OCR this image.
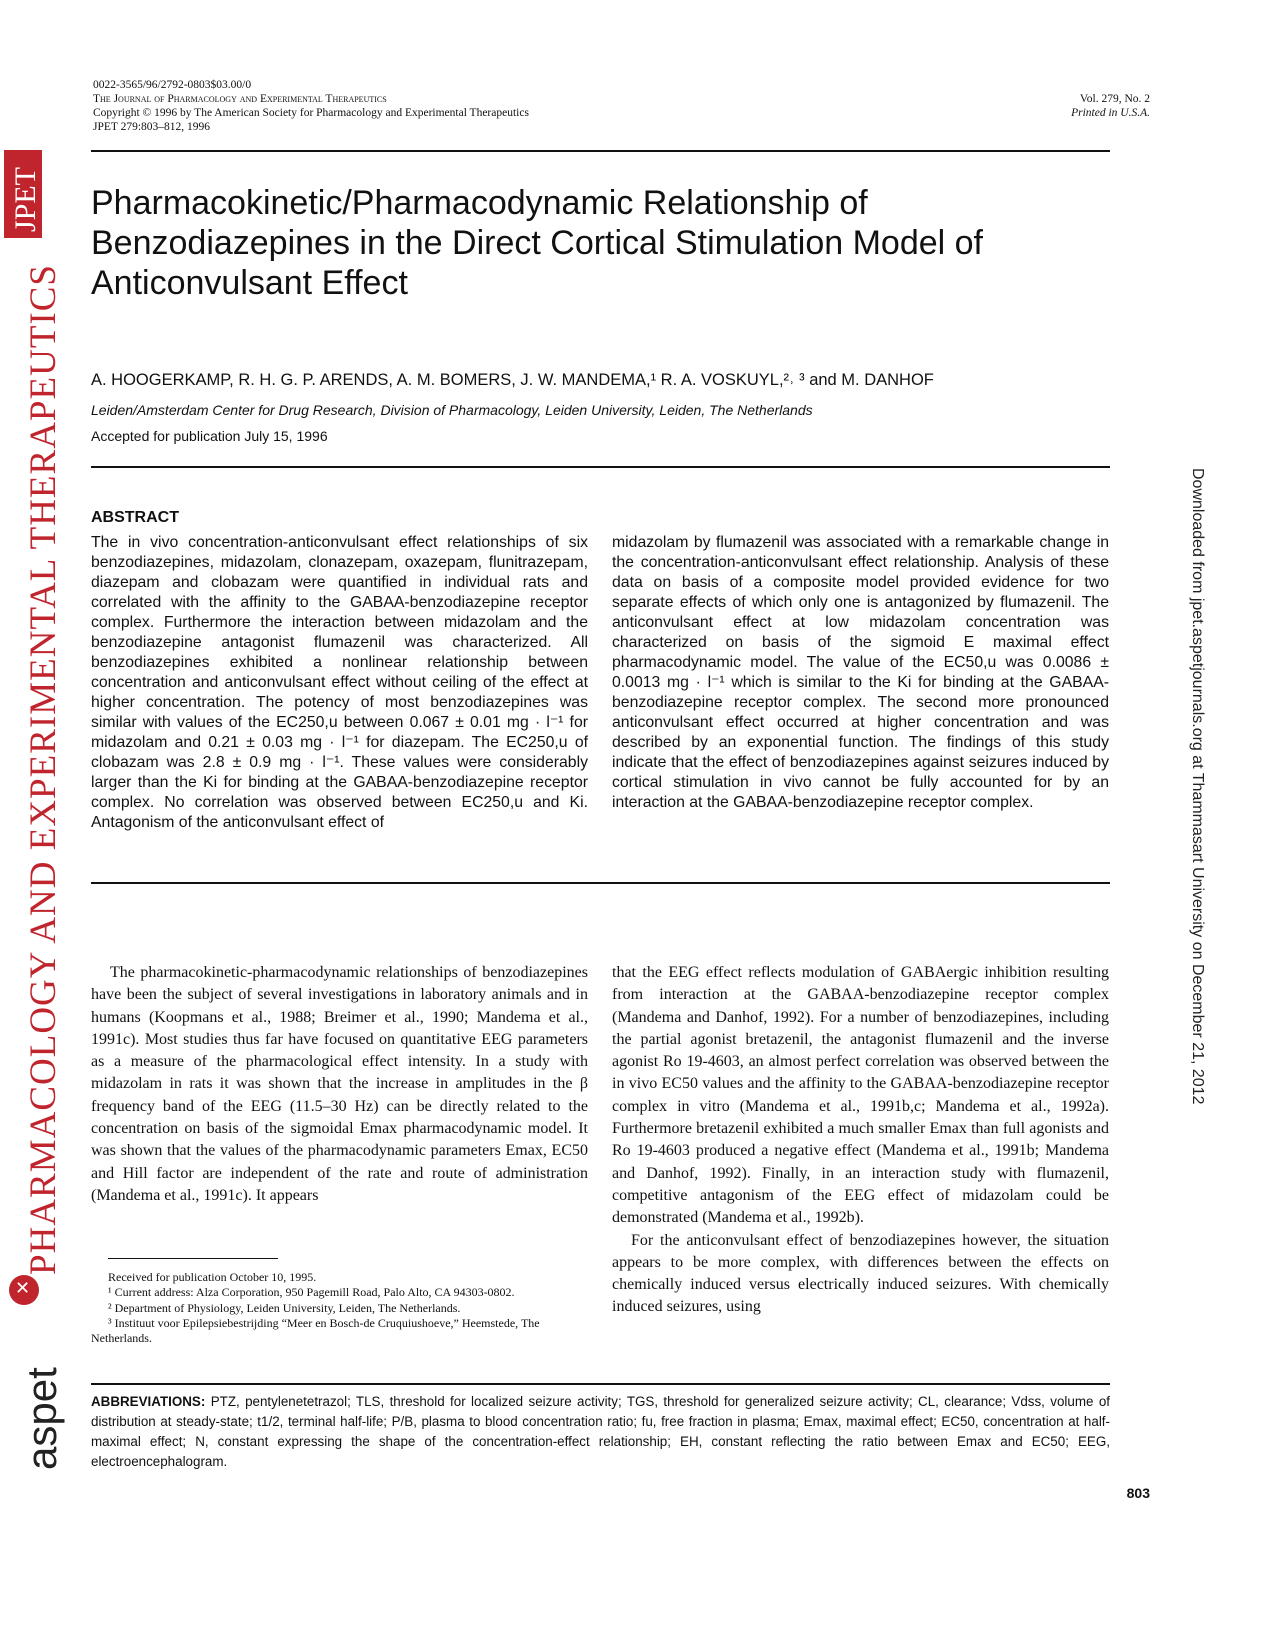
JPET
PHARMACOLOGY AND EXPERIMENTAL THERAPEUTICS
✕
aspet
Downloaded from jpet.aspetjournals.org at Thammasart University on December 21, 2012
0022-3565/96/2792-0803$03.00/0
The Journal of Pharmacology and Experimental Therapeutics
Copyright © 1996 by The American Society for Pharmacology and Experimental Therapeutics
JPET 279:803–812, 1996
Vol. 279, No. 2
Printed in U.S.A.
Pharmacokinetic/Pharmacodynamic Relationship of
Benzodiazepines in the Direct Cortical Stimulation Model of
Anticonvulsant Effect
A. HOOGERKAMP, R. H. G. P. ARENDS, A. M. BOMERS, J. W. MANDEMA,¹ R. A. VOSKUYL,²˒ ³ and M. DANHOF
Leiden/Amsterdam Center for Drug Research, Division of Pharmacology, Leiden University, Leiden, The Netherlands
Accepted for publication July 15, 1996
ABSTRACT
The in vivo concentration-anticonvulsant effect relationships of six benzodiazepines, midazolam, clonazepam, oxazepam, flunitrazepam, diazepam and clobazam were quantified in individual rats and correlated with the affinity to the GABAA-benzodiazepine receptor complex. Furthermore the interaction between midazolam and the benzodiazepine antagonist flumazenil was characterized. All benzodiazepines exhibited a nonlinear relationship between concentration and anticonvulsant effect without ceiling of the effect at higher concentration. The potency of most benzodiazepines was similar with values of the EC250,u between 0.067 ± 0.01 mg · l⁻¹ for midazolam and 0.21 ± 0.03 mg · l⁻¹ for diazepam. The EC250,u of clobazam was 2.8 ± 0.9 mg · l⁻¹. These values were considerably larger than the Ki for binding at the GABAA-benzodiazepine receptor complex. No correlation was observed between EC250,u and Ki. Antagonism of the anticonvulsant effect of
midazolam by flumazenil was associated with a remarkable change in the concentration-anticonvulsant effect relationship. Analysis of these data on basis of a composite model provided evidence for two separate effects of which only one is antagonized by flumazenil. The anticonvulsant effect at low midazolam concentration was characterized on basis of the sigmoid E maximal effect pharmacodynamic model. The value of the EC50,u was 0.0086 ± 0.0013 mg · l⁻¹ which is similar to the Ki for binding at the GABAA-benzodiazepine receptor complex. The second more pronounced anticonvulsant effect occurred at higher concentration and was described by an exponential function. The findings of this study indicate that the effect of benzodiazepines against seizures induced by cortical stimulation in vivo cannot be fully accounted for by an interaction at the GABAA-benzodiazepine receptor complex.

The pharmacokinetic-pharmacodynamic relationships of benzodiazepines have been the subject of several investigations in laboratory animals and in humans (Koopmans et al., 1988; Breimer et al., 1990; Mandema et al., 1991c). Most studies thus far have focused on quantitative EEG parameters as a measure of the pharmacological effect intensity. In a study with midazolam in rats it was shown that the increase in amplitudes in the β frequency band of the EEG (11.5–30 Hz) can be directly related to the concentration on basis of the sigmoidal Emax pharmacodynamic model. It was shown that the values of the pharmacodynamic parameters Emax, EC50 and Hill factor are independent of the rate and route of administration (Mandema et al., 1991c). It appears

that the EEG effect reflects modulation of GABAergic inhibition resulting from interaction at the GABAA-benzodiazepine receptor complex (Mandema and Danhof, 1992). For a number of benzodiazepines, including the partial agonist bretazenil, the antagonist flumazenil and the inverse agonist Ro 19-4603, an almost perfect correlation was observed between the in vivo EC50 values and the affinity to the GABAA-benzodiazepine receptor complex in vitro (Mandema et al., 1991b,c; Mandema et al., 1992a). Furthermore bretazenil exhibited a much smaller Emax than full agonists and Ro 19-4603 produced a negative effect (Mandema et al., 1991b; Mandema and Danhof, 1992). Finally, in an interaction study with flumazenil, competitive antagonism of the EEG effect of midazolam could be demonstrated (Mandema et al., 1992b).

For the anticonvulsant effect of benzodiazepines however, the situation appears to be more complex, with differences between the effects on chemically induced versus electrically induced seizures. With chemically induced seizures, using

Received for publication October 10, 1995.

¹ Current address: Alza Corporation, 950 Pagemill Road, Palo Alto, CA 94303-0802.

² Department of Physiology, Leiden University, Leiden, The Netherlands.

³ Instituut voor Epilepsiebestrijding “Meer en Bosch-de Cruquiushoeve,” Heemstede, The Netherlands.

ABBREVIATIONS: PTZ, pentylenetetrazol; TLS, threshold for localized seizure activity; TGS, threshold for generalized seizure activity; CL, clearance; Vdss, volume of distribution at steady-state; t1/2, terminal half-life; P/B, plasma to blood concentration ratio; fu, free fraction in plasma; Emax, maximal effect; EC50, concentration at half-maximal effect; N, constant expressing the shape of the concentration-effect relationship; EH, constant reflecting the ratio between Emax and EC50; EEG, electroencephalogram.
803
